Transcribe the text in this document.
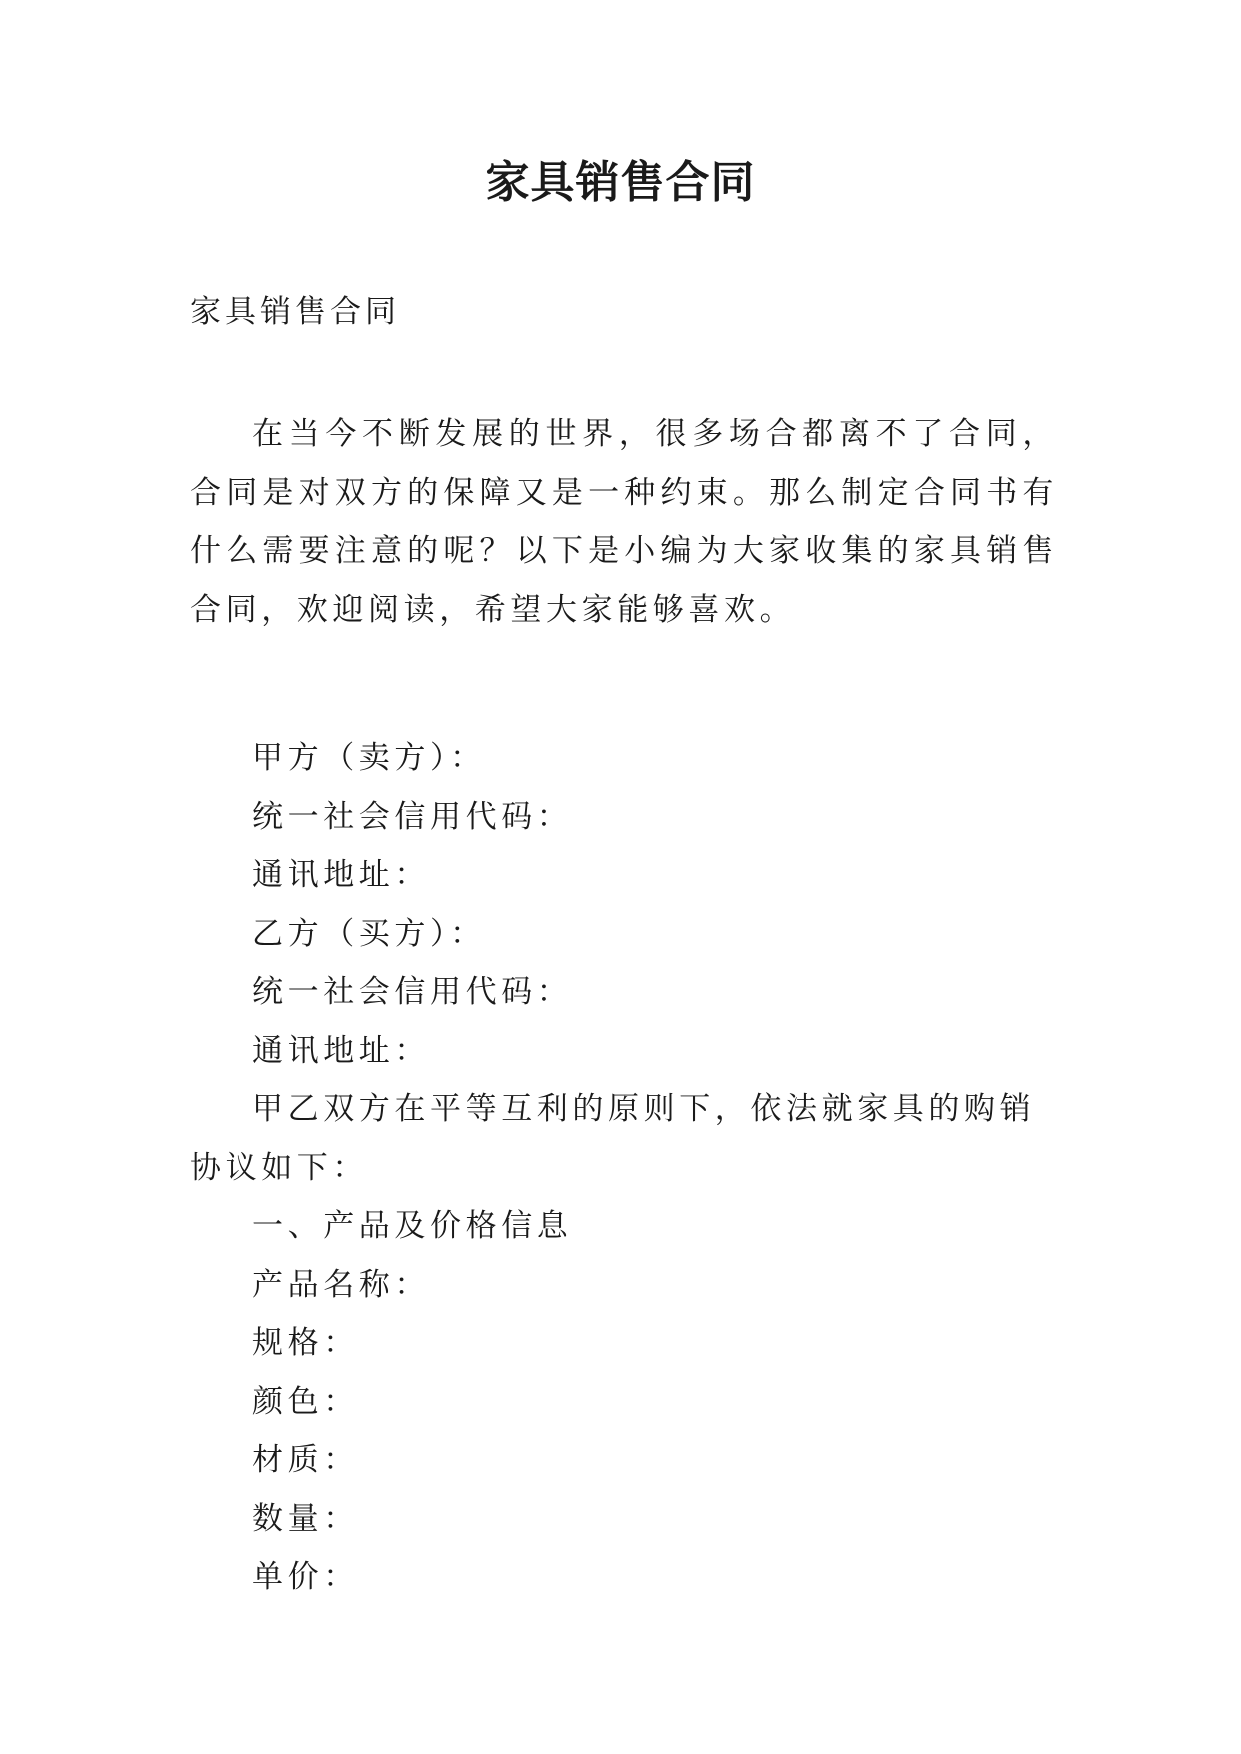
家具销售合同

家具销售合同

在当今不断发展的世界，很多场合都离不了合同，合同是对双方的保障又是一种约束。那么制定合同书有什么需要注意的呢？以下是小编为大家收集的家具销售合同，欢迎阅读，希望大家能够喜欢。

甲方（卖方）：

统一社会信用代码：

通讯地址：

乙方（买方）：

统一社会信用代码：

通讯地址：

甲乙双方在平等互利的原则下，依法就家具的购销协议如下：

一、产品及价格信息

产品名称：

规格：

颜色：

材质：

数量：

单价：
